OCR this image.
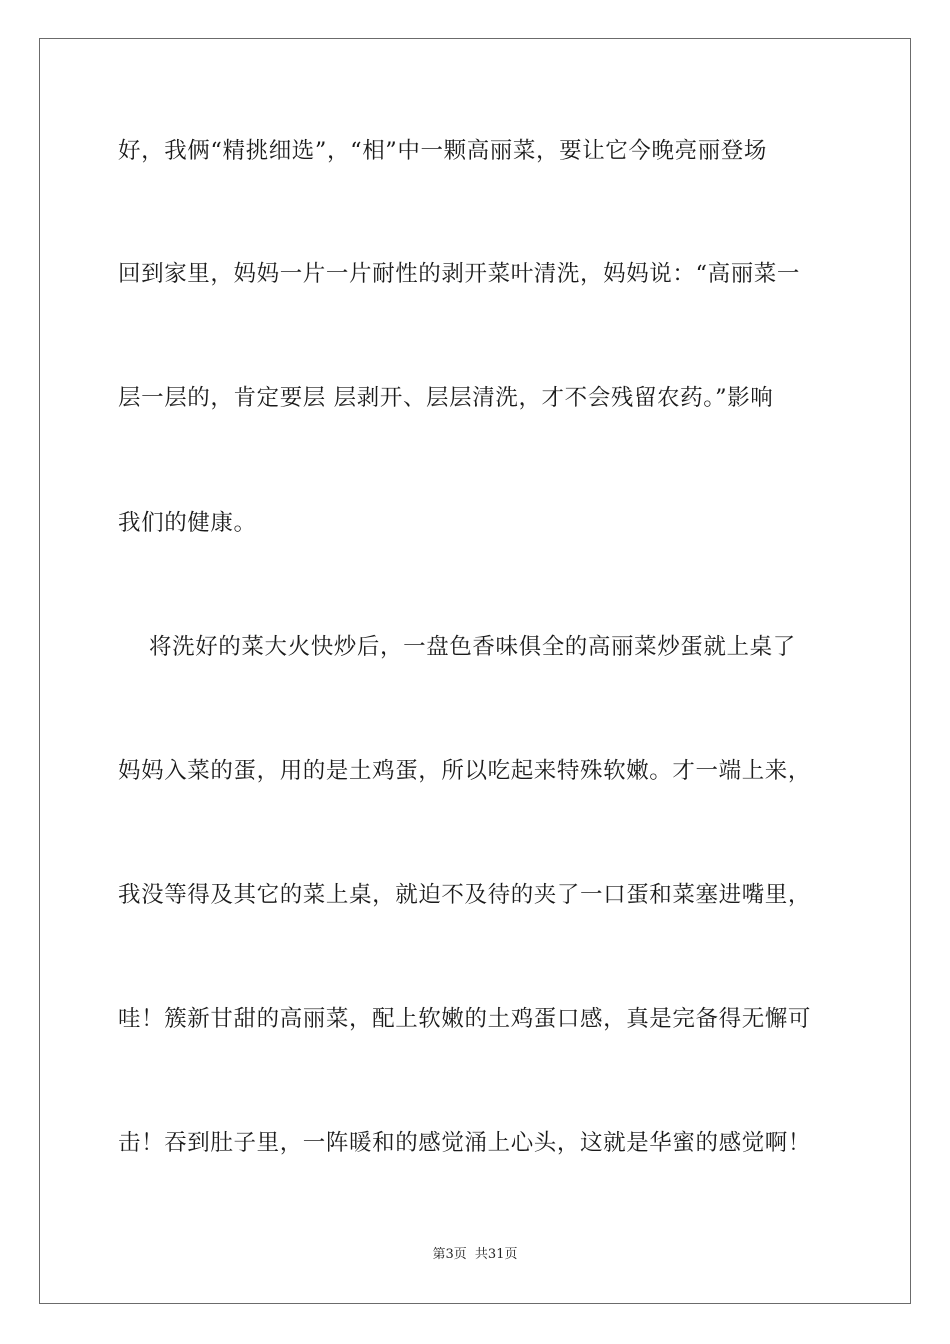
好，我俩“精挑细选”，“相”中一颗高丽菜，要让它今晚亮丽登场
回到家里，妈妈一片一片耐性的剥开菜叶清洗，妈妈说：“高丽菜一
层一层的，肯定要层 层剥开、层层清洗，才不会残留农药。”影响
我们的健康。
将洗好的菜大火快炒后，一盘色香味俱全的高丽菜炒蛋就上桌了
妈妈入菜的蛋，用的是土鸡蛋，所以吃起来特殊软嫩。才一端上来，
我没等得及其它的菜上桌，就迫不及待的夹了一口蛋和菜塞进嘴里，
哇！簇新甘甜的高丽菜，配上软嫩的土鸡蛋口感，真是完备得无懈可
击！吞到肚子里，一阵暖和的感觉涌上心头，这就是华蜜的感觉啊！
第3页 共31页
